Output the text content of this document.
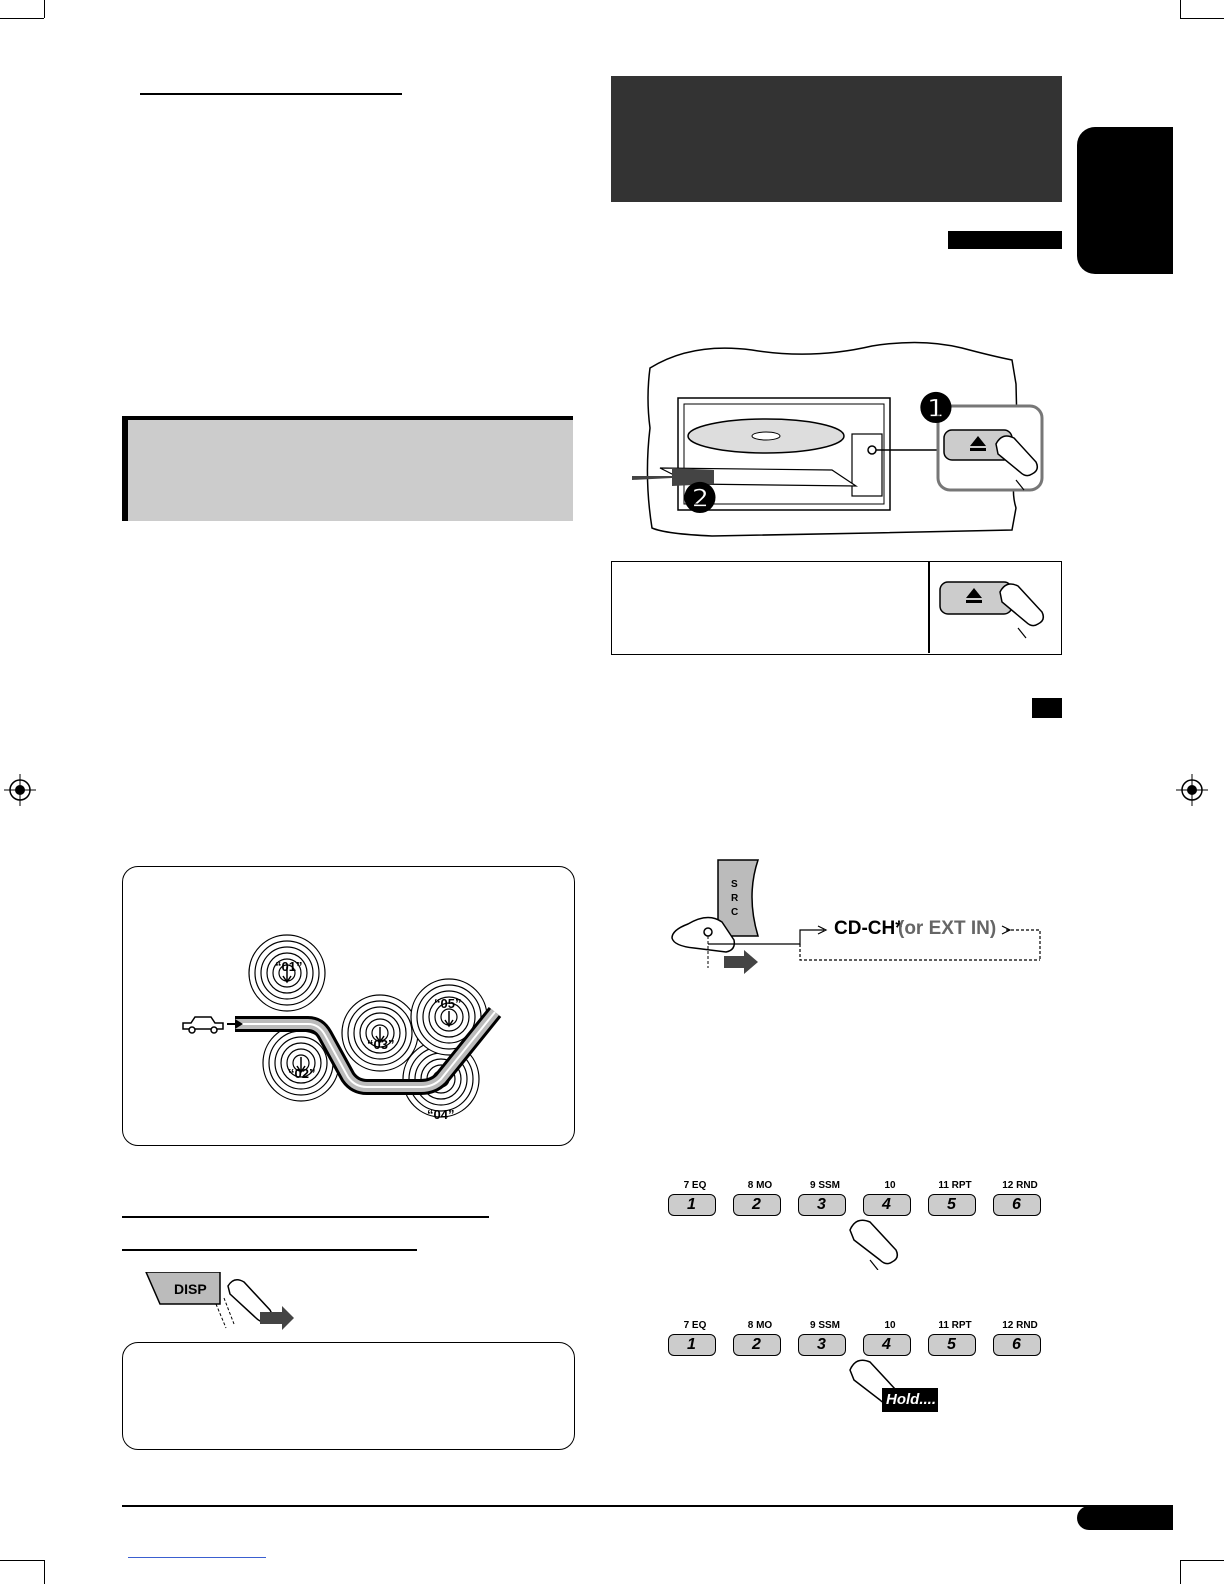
“01”
“02”
“03”
“04”
“05”
DISP
❶
❷
S
R
C
CD-CH*
(or EXT IN)
7 EQ
1
8 MO
2
9 SSM
3
10
4
11 RPT
5
12 RND
6
7 EQ
1
8 MO
2
9 SSM
3
10
4
11 RPT
5
12 RND
6
Hold....
